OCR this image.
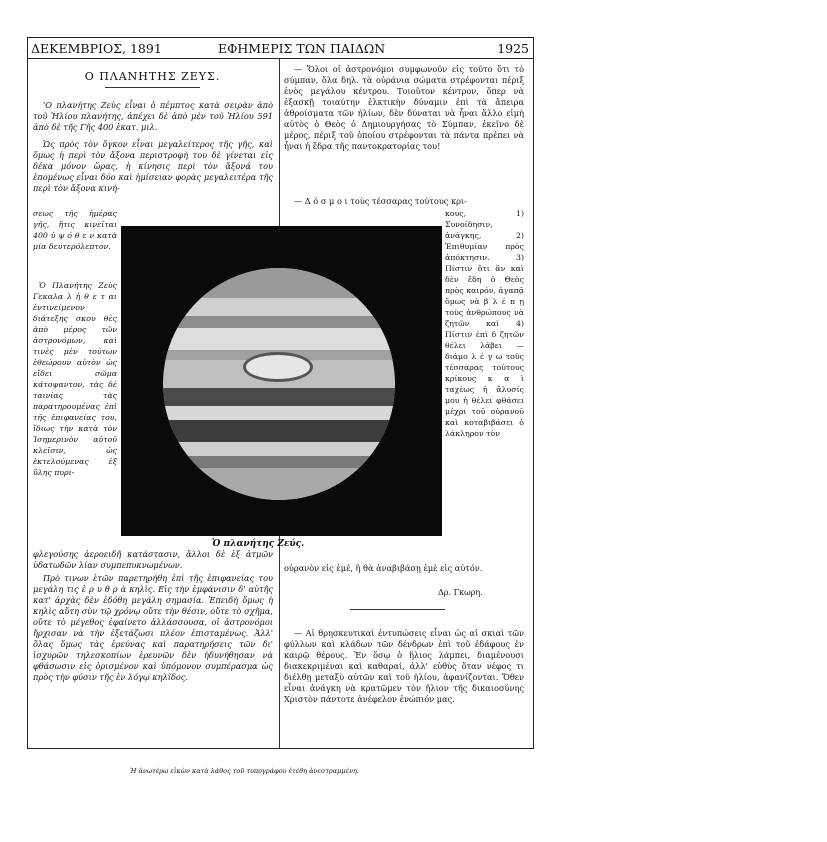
ΔΕΚΕΜΒΡΙΟΣ, 1891	ΕΦΗΜΕΡΙΣ ΤΩΝ ΠΑΙΔΩΝ	1925
Ο ΠΛΑΝΗΤΗΣ ΖΕΥΣ.

'Ο πλανήτης Ζεὺς εἶναι ὁ πέμπτος κατὰ σειρὰν ἀπὸ τοῦ Ἡλίου πλανήτης, ἀπέχει δὲ ἀπὸ μὲν τοῦ Ἡλίου 591 ἀπὸ δὲ τῆς Γῆς 400 ἑκατ. μιλ.

Ὡς πρὸς τὸν ὄγκον εἶναι μεγαλείτερος τῆς γῆς, καὶ ὅμως ἡ περὶ τὸν ἄξονα περιστροφὴ του δὲ γίνεται εἰς δέκα μόνον ὥρας, ἡ κίνησις περὶ τὸν ἄξονά του ἐπομένως εἶναι δύο καὶ ἡμίσειαν φορὰς μεγαλειτέρα τῆς περὶ τὸν ἄξονα κινή-

σεως τῆς ἡμέρας γῆς, ἥτις κινεῖται 400 ὑ ψ ό θ ε ν κατὰ μία δευτερόλεπτον.

Ὁ Πλανήτης Ζεὺς Γεκαλα λ ἠ θ ε τ αι ἐντινείμενον διάτεξης σκου θὲς ἀπὸ μέρος τῶν ἀστρονόμων, καὶ τινὲς μὲν τούτων ἐθεώρουν αὐτὸν ὡς εἴδει σῶμα κάτοψαντον, τὰς δὲ ταινίας τὰς παρατηρουμένας ἐπὶ τῆς ἐπιφανείας του, ἴδιως τὴν κατὰ τὸν Ἰσημερινὸν αὐτοῦ κλεῖσιν, ὡς ἐκτελούμενας ἐξ ὕλης πυρι-

φλεγούσης ἀεροειδῆ κατάστασιν, ἄλλοι δὲ ἐξ ἀτμῶν ὑδατωδῶν λίαν συμπεπυκνωμένων.

Πρὸ τινων ἐτῶν παρετηρήθη ἐπὶ τῆς ἐπιφανείας του μεγάλη τις ἐ ρ υ θ ρ ὰ κηλὶς. Εἰς τὴν ἐμφάνισιν δ' αὐτῆς κατ' ἀρχὰς δὲν ἐδόθη μεγάλη σημασία. Ἐπειδὴ ὅμως ἡ κηλὶς αὕτη σὺν τῷ χρόνῳ οὔτε τὴν θέσιν, οὔτε τὸ σχῆμα, οὔτε τὸ μέγεθος ἐφαίνετο ἀλλάσσουσα, οἱ ἀστρονόμοι ἤρχισαν νὰ τὴν ἐξετάζωσι πλέον ἐπισταμένως. Ἀλλ' ὅλας ὅμως τὰς ἐρεύνας καὶ παρατηρήσεις τῶν δι' ἰσχυρῶν τηλεσκοπίων ἐρευνῶν δὲν ἠδυνήθησαν νὰ φθάσωσιν εἰς ὁρισμένον καὶ ὑπόμονον συμπέρασμα ὡς πρὸς τὴν φύσιν τῆς ἐν λόγῳ κηλῖδος.

— Ὅλοι οἱ ἀστρονόμοι συμφωνοῦν εἰς τοῦτο ὅτι τὸ σύμπαν, ὅλα δηλ. τὰ οὐράνια σώματα στρέφονται πέριξ ἑνὸς μεγάλου κέντρου. Τοιοῦτον κέντρον, ὅπερ νὰ ἐξασκῇ τοιαύτην ἑλκτικὴν δύναμιν ἐπὶ τὰ ἄπειρα ἀθροίσματα τῶν ἡλίων, δὲν δύναται νὰ ἦναι ἄλλο εἰμὴ αὐτὸς ὁ Θεὸς ὁ Δημιουργήσας τὸ Σύμπαν, ἐκεῖνο δὲ μέρος, πέριξ τοῦ ὁποίου στρέφονται τὰ πάντα πρέπει νὰ ἦναι ἡ ἕδρα τῆς παντοκρατορίας του!

— Δ ό σ μ ο ι τοὺς τέσσαρας τούτους κρι-

κους, 1) Συνοίδησιν, ἀνάγκης, 2) Ἐπιθυμίαν πρὸς ἀπόκτησιν. 3) Πίστιν ὅτι ἂν καὶ δὲν ἔδη ὁ Θεὸς πρὸς καιρόν, ἀγαπᾷ ὅμως νὰ β λ έ π ῃ τοὺς ἀνθρώπους νὰ ζητῶν καὶ 4) Πίστιν ἐπὶ δ ζητῶν θέλει λάβει — διάμο λ έ γ ω τοὺς τέσσαρας τούτους κρίκους κ α ὶ ταχέως ἡ ἄλυσίς μου ἡ θέλει φθάσει μέχρι τοῦ οὐρανοῦ καὶ κοταβιβάσει ὁ λάκληρον τὸν

οὐρανὸν εἰς ἐμέ, ἢ θὰ ἀναβιβάσῃ ἐμὲ εἰς αὐτόν.

Δρ. Γκωρη.

— Αἱ θρησκευτικαὶ ἐντυπώσεις εἶναι ὡς αἱ σκιαὶ τῶν φύλλων καὶ κλάδων τῶν δένδρων ἐπὶ τοῦ ἐδάφους ἐν καιρῷ θέρους. Ἐν ὅσῳ ὁ ἥλιος λάμπει, διαμένουσι διακεκριμέναι καὶ καθαραί, ἀλλ' εὐθὺς ὅταν νέφος τι διέλθῃ μεταξὺ αὐτῶν καὶ τοῦ ἡλίου, ἀφανίζονται. Ὅθεν εἶναι ἀνάγκη νὰ κρατῶμεν τὸν ἥλιον τῆς δικαιοσύνης Χριστὸν πάντοτε ἀνέφελον ἐνώπιόν μας.

Ὁ πλανήτης Ζεύς.
Ἡ ἀνωτέρω εἰκὼν κατὰ λάθος τοῦ τυπογράφου ἐτέθη ἀνεστραμμένη.
